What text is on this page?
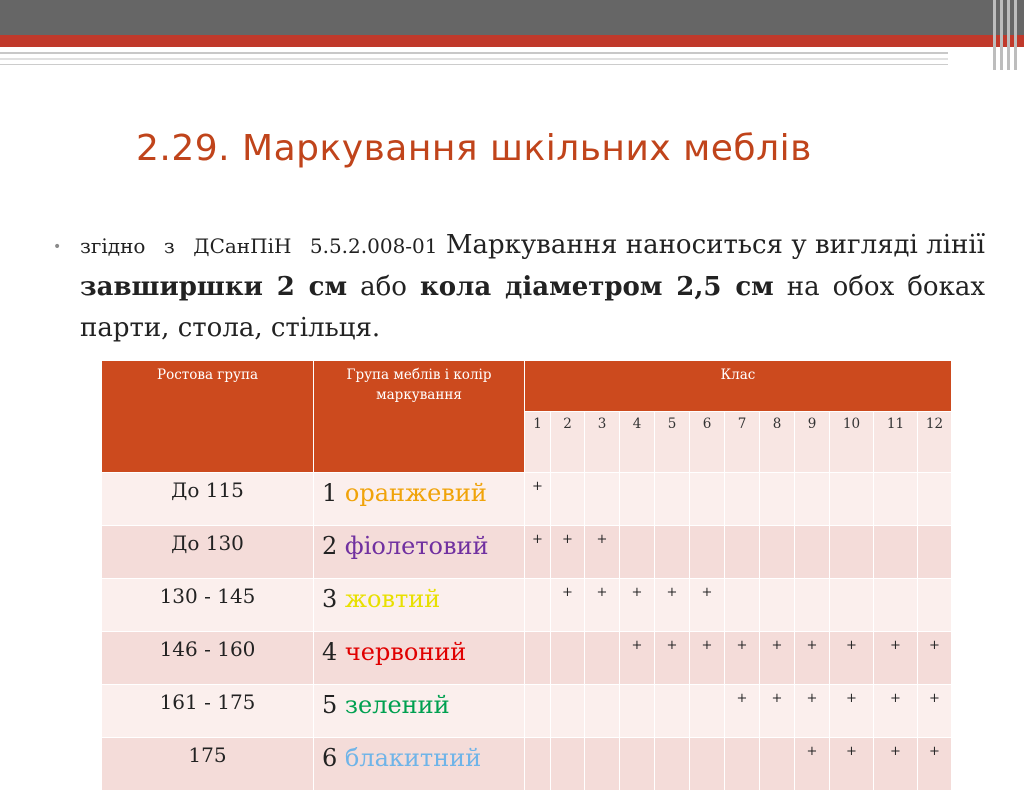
2.29. Маркування шкільних меблів
• згідно з ДСанПіН 5.5.2.008-01 Маркування наноситься у вигляді лінії завширшки 2 см або кола діаметром 2,5 см на обох боках парти, стола, стільця.

Ростова група	Група меблів і колір маркування	Клас											
		1	2	3	4	5	6	7	8	9	10	11	12
До 115	1 оранжевий	+											
До 130	2 фіолетовий	+	+	+									
130 - 145	3 жовтий		+	+	+	+	+						
146 - 160	4 червоний				+	+	+	+	+	+	+	+	+
161 - 175	5 зелений							+	+	+	+	+	+
175	6 блакитний									+	+	+	+
